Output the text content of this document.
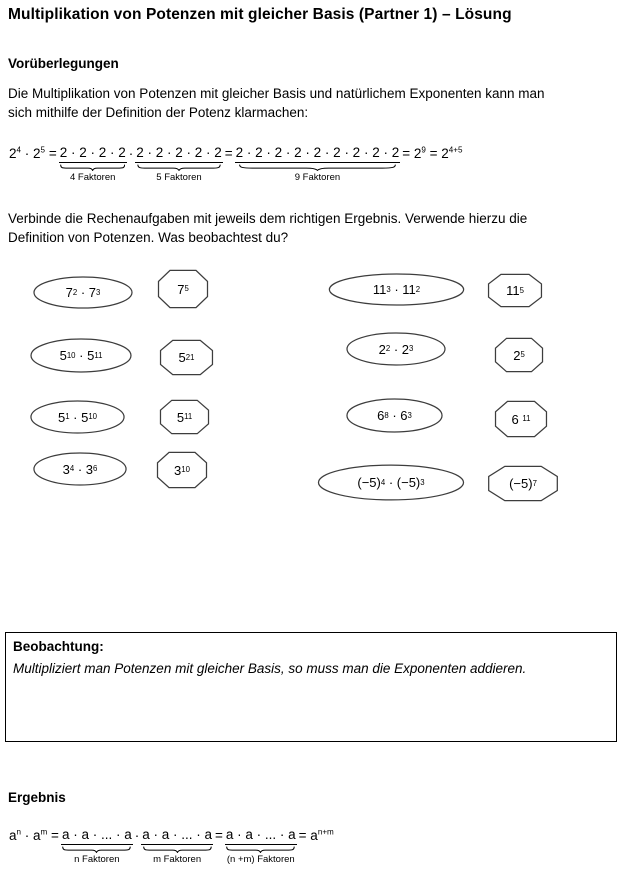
Multiplikation von Potenzen mit gleicher Basis (Partner 1) – Lösung
Vorüberlegungen
Die Multiplikation von Potenzen mit gleicher Basis und natürlichem Exponenten kann man
sich mithilfe der Definition der Potenz klarmachen:
$2^4 \cdot 2^5 = 2 \cdot 2 \cdot 2 \cdot 2$
4 Faktoren
· 2 · 2 · 2 · 2 · 2
5 Faktoren
= 2 · 2 · 2 · 2 · 2 · 2 · 2 · 2 · 2
9 Faktoren
= $2^9 = 2^{4+5}$
Verbinde die Rechenaufgaben mit jeweils dem richtigen Ergebnis. Verwende hierzu die
Definition von Potenzen. Was beobachtest du?
7 2 · 7 3	7 5
5 10 · 5 11	5 21
5 1 · 5 10	5 11
3 4 · 3 6	3 10
11 3 · 11 2	11 5
2 2 · 2 3	2 5
6 8 · 6 3	6 11
(−5) 4 · (−5) 3	(−5) 7
Beobachtung:
Multipliziert man Potenzen mit gleicher Basis, so muss man die Exponenten addieren.
Ergebnis
$a^n \cdot a^m = a \cdot a$ · ... · a
n Faktoren
· a · a · ... · a
m Faktoren
= a · a · ... · a
(n +m) Faktoren
= $a^{n+m}$
